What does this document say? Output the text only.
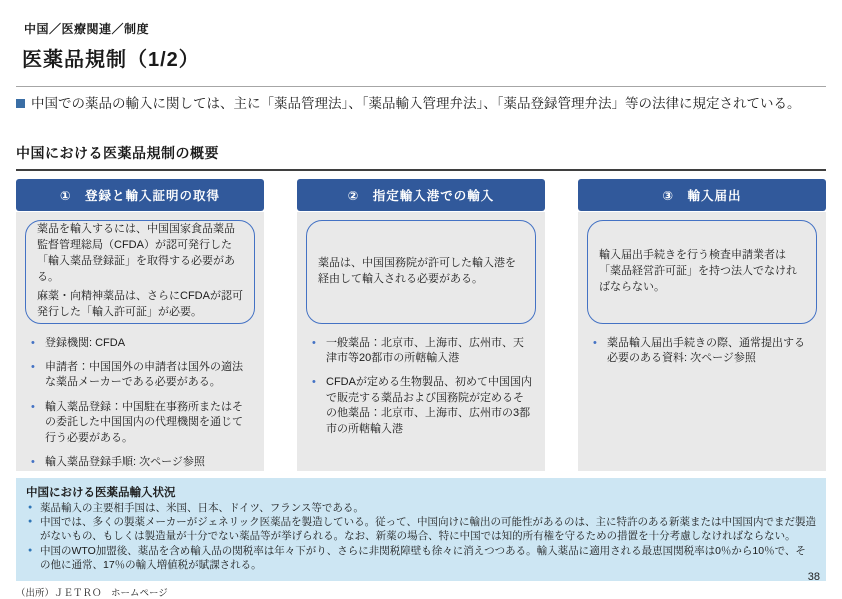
中国／医療関連／制度
医薬品規制（1/2）
中国での薬品の輸入に関しては、主に「薬品管理法」、「薬品輸入管理弁法」、「薬品登録管理弁法」等の法律に規定されている。
中国における医薬品規制の概要
①　登録と輸入証明の取得

薬品を輸入するには、中国国家食品薬品監督管理総局（CFDA）が認可発行した「輸入薬品登録証」を取得する必要がある。

麻薬・向精神薬品は、さらにCFDAが認可発行した「輸入許可証」が必要。

• 登録機関: CFDA
• 申請者：中国国外の申請者は国外の適法な薬品メーカーである必要がある。
• 輸入薬品登録：中国駐在事務所またはその委託した中国国内の代理機関を通じて行う必要がある。
• 輸入薬品登録手順: 次ページ参照
②　指定輸入港での輸入

薬品は、中国国務院が許可した輸入港を経由して輸入される必要がある。

• 一般薬品：北京市、上海市、広州市、天津市等20都市の所轄輸入港
• CFDAが定める生物製品、初めて中国国内で販売する薬品および国務院が定めるその他薬品：北京市、上海市、広州市の3都市の所轄輸入港
③　輸入届出

輸入届出手続きを行う検査申請業者は「薬品経営許可証」を持つ法人でなければならない。

• 薬品輸入届出手続きの際、通常提出する必要のある資料: 次ページ参照
中国における医薬品輸入状況
● 薬品輸入の主要相手国は、米国、日本、ドイツ、フランス等である。
● 中国では、多くの製薬メーカーがジェネリック医薬品を製造している。従って、中国向けに輸出の可能性があるのは、主に特許のある新薬または中国国内でまだ製造がないもの、もしくは製造量が十分でない薬品等が挙げられる。なお、新薬の場合、特に中国では知的所有権を守るための措置を十分考慮しなければならない。
● 中国のWTO加盟後、薬品を含め輸入品の関税率は年々下がり、さらに非関税障壁も徐々に消えつつある。輸入薬品に適用される最恵国関税率は0％から10％で、その他に通常、17％の輸入増値税が賦課される。
（出所）ＪＥＴＲＯ　ホームページ
38
